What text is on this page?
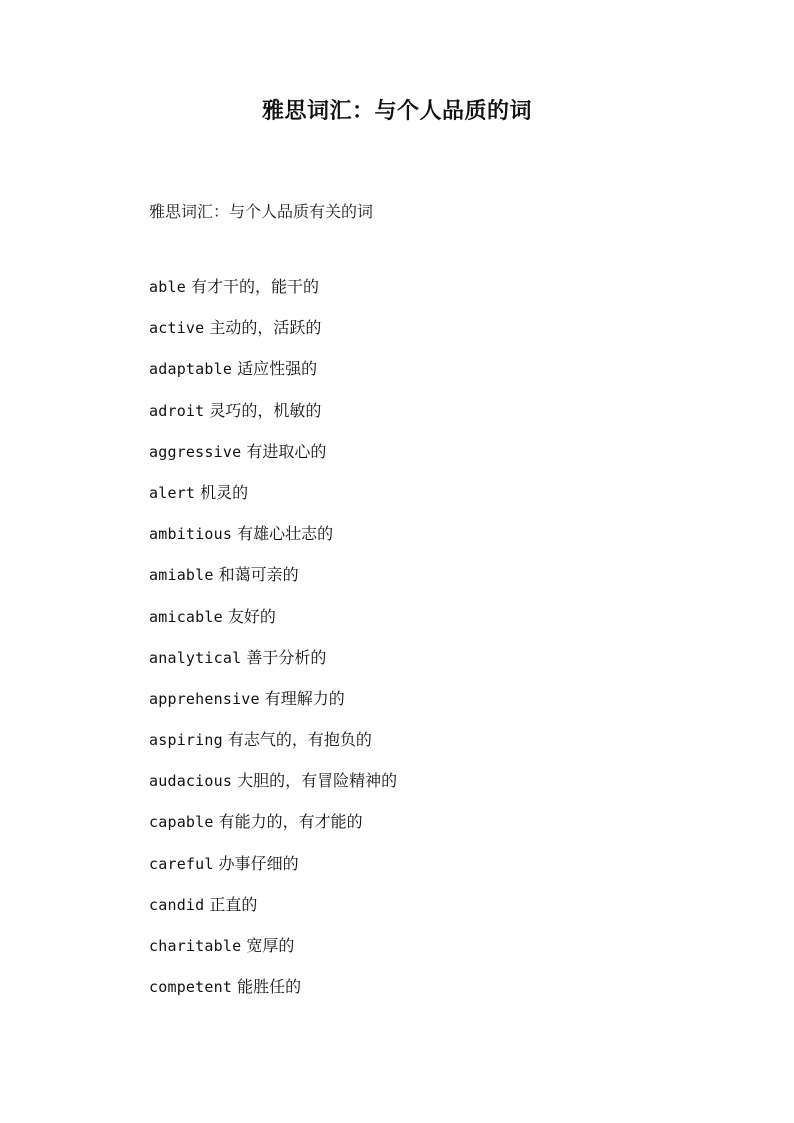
雅思词汇：与个人品质的词
雅思词汇：与个人品质有关的词
able 有才干的，能干的
active 主动的，活跃的
adaptable 适应性强的
adroit 灵巧的，机敏的
aggressive 有进取心的
alert 机灵的
ambitious 有雄心壮志的
amiable 和蔼可亲的
amicable 友好的
analytical 善于分析的
apprehensive 有理解力的
aspiring 有志气的，有抱负的
audacious 大胆的，有冒险精神的
capable 有能力的，有才能的
careful 办事仔细的
candid 正直的
charitable 宽厚的
competent 能胜任的
